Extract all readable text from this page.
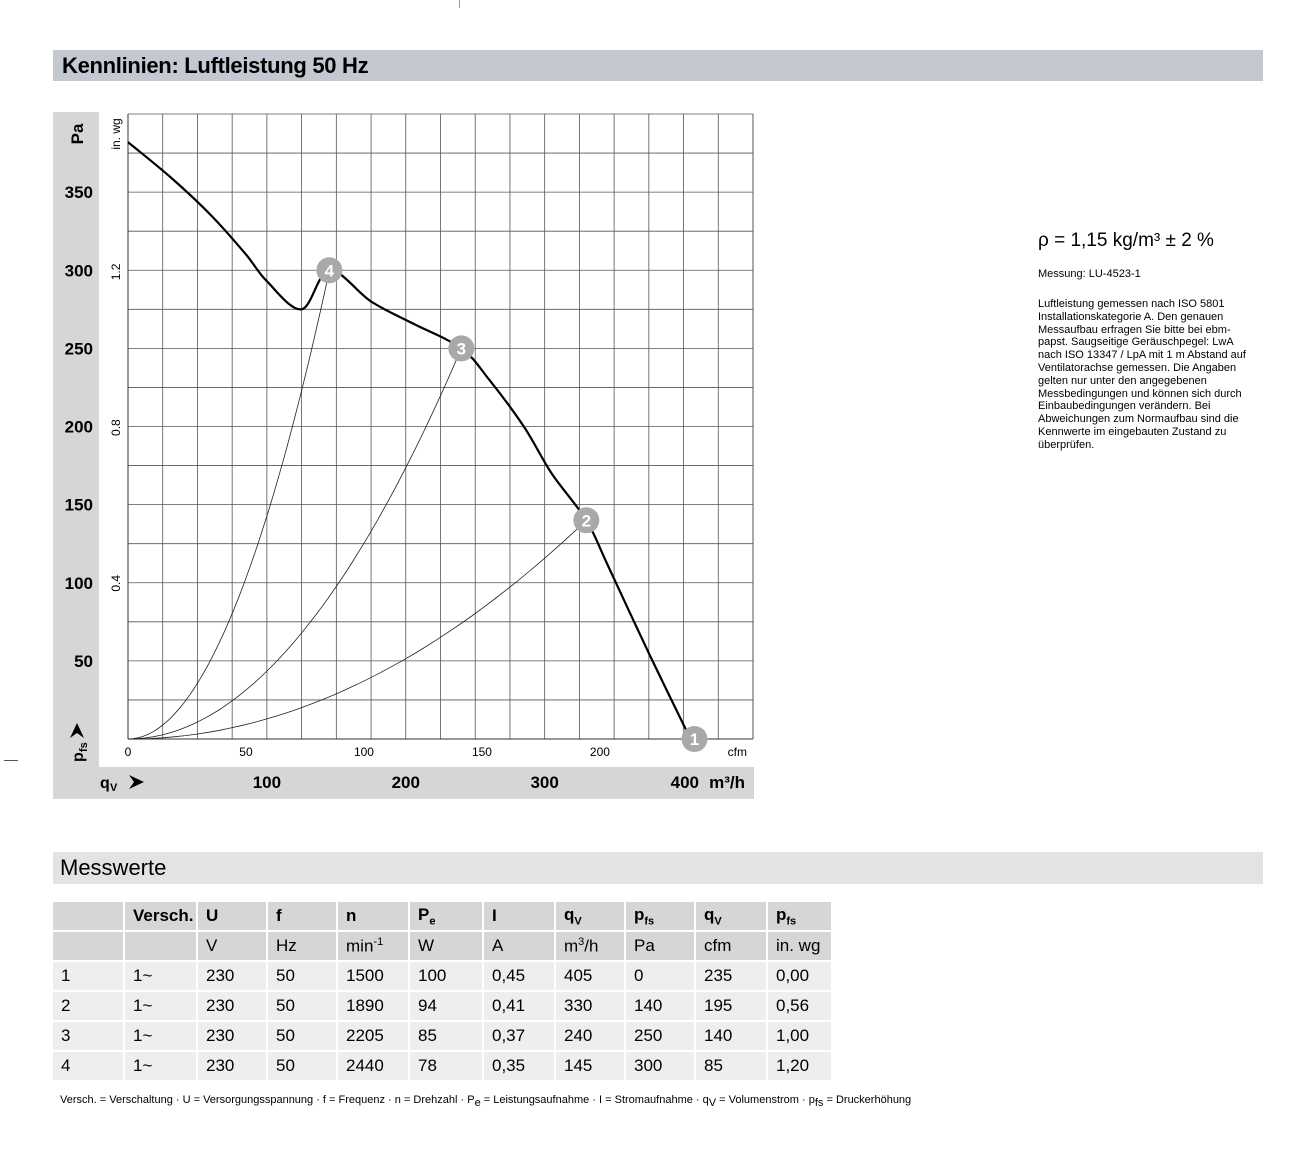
Kennlinien: Luftleistung 50 Hz
50
100
150
200
250
300
350
Pa
p
fs
0.4
0.8
1.2
in. wg
0	50	100	150	200	cfm
100	200	300	400 m³/h
q V
1
2
3
4
ρ = 1,15 kg/m³ ± 2 %
Messung: LU-4523-1
Luftleistung gemessen nach ISO 5801
Installationskategorie A. Den genauen
Messaufbau erfragen Sie bitte bei ebm-
papst. Saugseitige Geräuschpegel: LwA
nach ISO 13347 / LpA mit 1 m Abstand auf
Ventilatorachse gemessen. Die Angaben
gelten nur unter den angegebenen
Messbedingungen und können sich durch
Einbaubedingungen verändern. Bei
Abweichungen zum Normaufbau sind die
Kennwerte im eingebauten Zustand zu
überprüfen.
Messwerte
	Versch.	U	f	n	$P_e$	I	$q_V$	$p_{fs}$	$q_V$	$p_{fs}$
		V	Hz	$\min^{-1}$	W	A	$m^3/h$	Pa	cfm	in. wg
1	1~	230	50	1500	100	0,45	405	0	235	0,00
2	1~	230	50	1890	94	0,41	330	140	195	0,56
3	1~	230	50	2205	85	0,37	240	250	140	1,00
4	1~	230	50	2440	78	0,35	145	300	85	1,20
Versch. = Verschaltung · U = Versorgungsspannung · f = Frequenz · n = Drehzahl · $P_e$ = Leistungsaufnahme · I = Stromaufnahme · $q_V$ = Volumenstrom · $p_{fs}$ = Druckerhöhung
